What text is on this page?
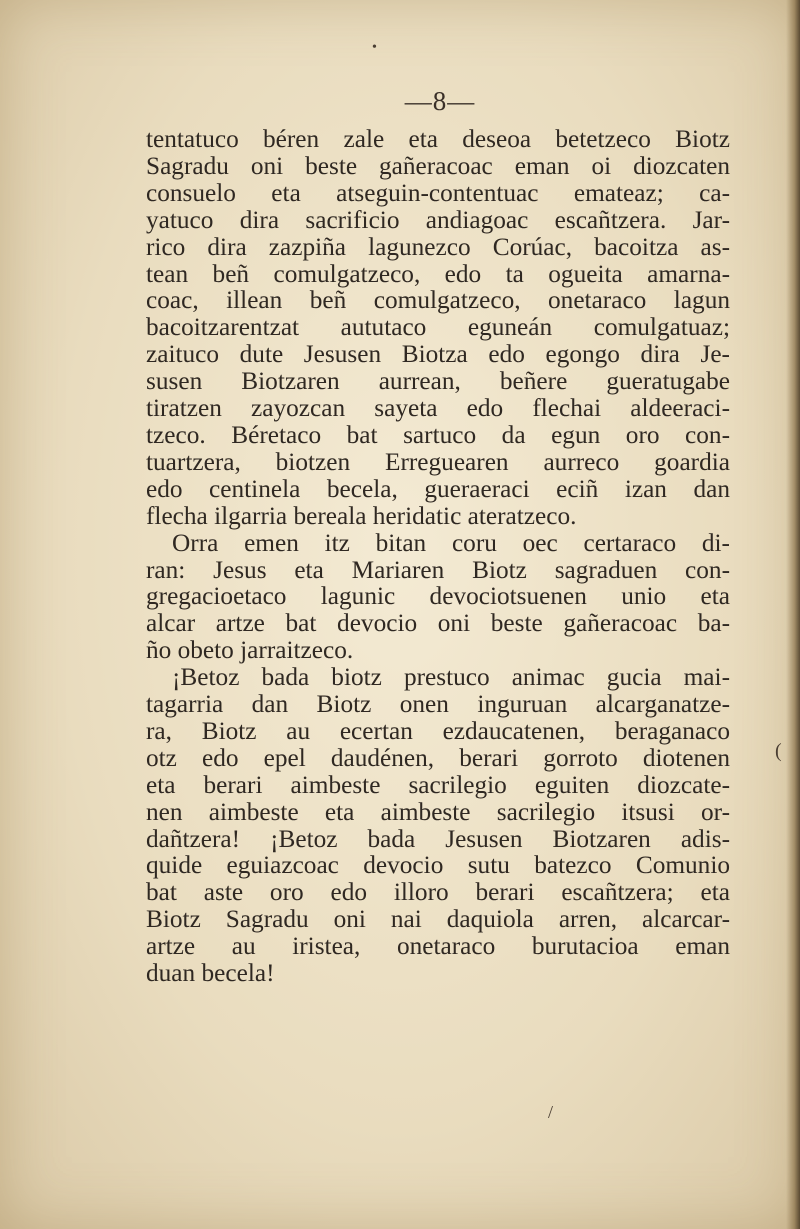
•
(
/
—8—
tentatuco béren zale eta deseoa betetzeco Biotz
Sagradu oni beste gañeracoac eman oi diozcaten
consuelo eta atseguin-contentuac emateaz; ca-
yatuco dira sacrificio andiagoac escañtzera. Jar-
rico dira zazpiña lagunezco Corúac, bacoitza as-
tean beñ comulgatzeco, edo ta ogueita amarna-
coac, illean beñ comulgatzeco, onetaraco lagun
bacoitzarentzat aututaco eguneán comulgatuaz;
zaituco dute Jesusen Biotza edo egongo dira Je-
susen Biotzaren aurrean, beñere gueratugabe
tiratzen zayozcan sayeta edo flechai aldeeraci-
tzeco. Béretaco bat sartuco da egun oro con-
tuartzera, biotzen Erreguearen aurreco goardia
edo centinela becela, gueraeraci eciñ izan dan
flecha ilgarria bereala heridatic ateratzeco.
Orra emen itz bitan coru oec certaraco di-
ran: Jesus eta Mariaren Biotz sagraduen con-
gregacioetaco lagunic devociotsuenen unio eta
alcar artze bat devocio oni beste gañeracoac ba-
ño obeto jarraitzeco.
¡Betoz bada biotz prestuco animac gucia mai-
tagarria dan Biotz onen inguruan alcarganatze-
ra, Biotz au ecertan ezdaucatenen, beraganaco
otz edo epel daudénen, berari gorroto diotenen
eta berari aimbeste sacrilegio eguiten diozcate-
nen aimbeste eta aimbeste sacrilegio itsusi or-
dañtzera! ¡Betoz bada Jesusen Biotzaren adis-
quide eguiazcoac devocio sutu batezco Comunio
bat aste oro edo illoro berari escañtzera; eta
Biotz Sagradu oni nai daquiola arren, alcarcar-
artze au iristea, onetaraco burutacioa eman
duan becela!
